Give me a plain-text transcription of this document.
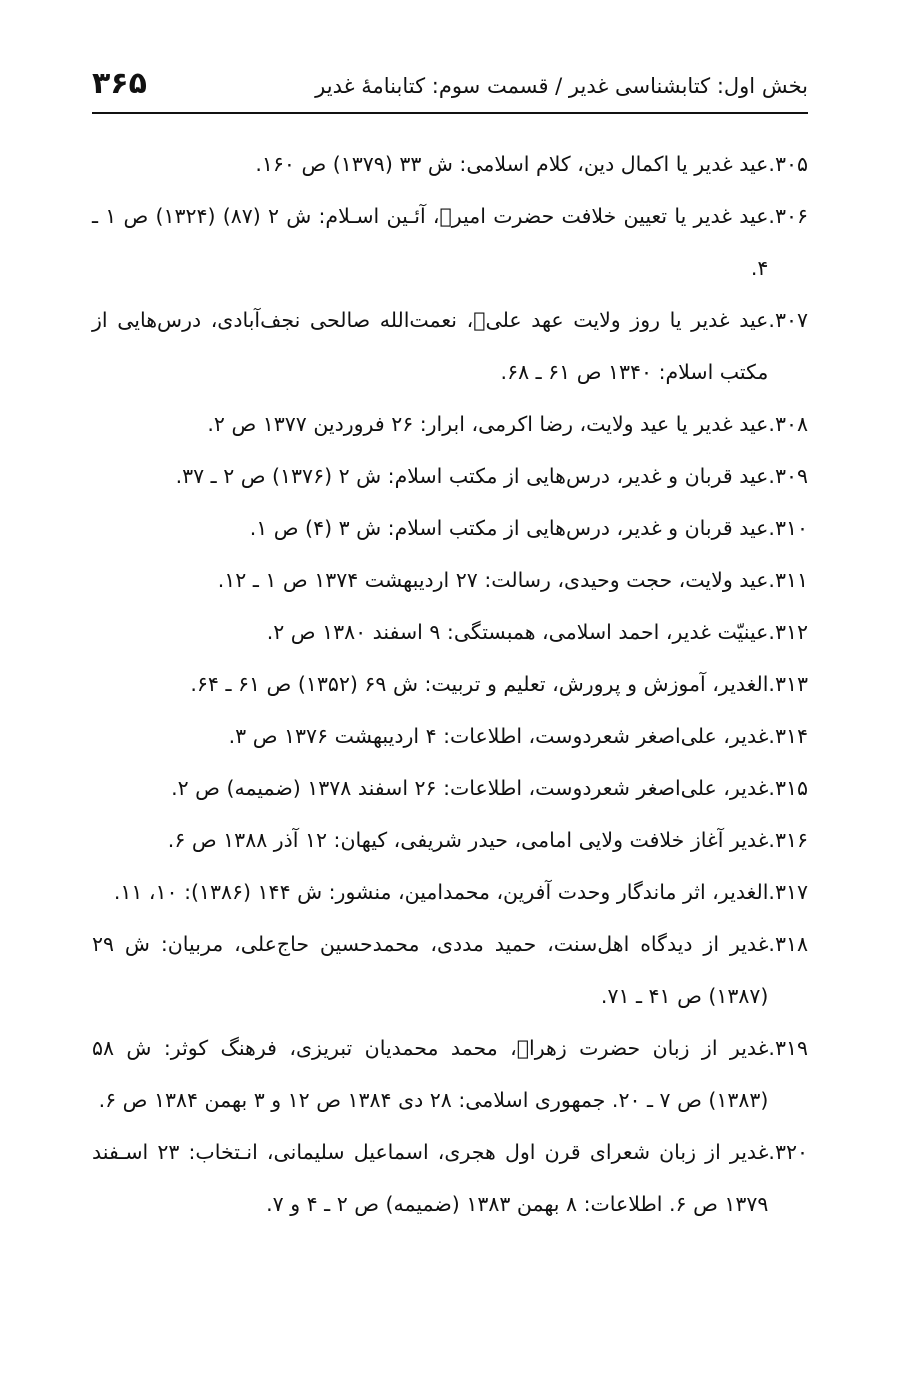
بخش اول: کتابشناسی غدیر / قسمت سوم: کتابنامهٔ غدیر
۳۶۵
۳۰۵.
عید غدیر یا اکمال دین، کلام اسلامی: ش ۳۳ (۱۳۷۹) ص ۱۶۰.
۳۰۶.
عید غدیر یا تعیین خلافت حضرت امیرؑ، آئـین اسـلام: ش ۲ (۸۷) (۱۳۲۴) ص ۱ ـ ۴.
۳۰۷.
عید غدیر یا روز ولایت عهد علیؑ، نعمت‌الله صالحی نجف‌آبادی، درس‌هایی از مکتب اسلام: ۱۳۴۰ ص ۶۱ ـ ۶۸.
۳۰۸.
عید غدیر یا عید ولایت، رضا اکرمی، ابرار: ۲۶ فروردین ۱۳۷۷ ص ۲.
۳۰۹.
عید قربان و غدیر، درس‌هایی از مکتب اسلام: ش ۲ (۱۳۷۶) ص ۲ ـ ۳۷.
۳۱۰.
عید قربان و غدیر، درس‌هایی از مکتب اسلام: ش ۳ (۴) ص ۱.
۳۱۱.
عید ولایت، حجت وحیدی، رسالت: ۲۷ اردیبهشت ۱۳۷۴ ص ۱ ـ ۱۲.
۳۱۲.
عینیّت غدیر، احمد اسلامی، همبستگی: ۹ اسفند ۱۳۸۰ ص ۲.
۳۱۳.
الغدیر، آموزش و پرورش، تعلیم و تربیت: ش ۶۹ (۱۳۵۲) ص ۶۱ ـ ۶۴.
۳۱۴.
غدیر، علی‌اصغر شعردوست، اطلاعات: ۴ اردیبهشت ۱۳۷۶ ص ۳.
۳۱۵.
غدیر، علی‌اصغر شعردوست، اطلاعات: ۲۶ اسفند ۱۳۷۸ (ضمیمه) ص ۲.
۳۱۶.
غدیر آغاز خلافت ولایی امامی، حیدر شریفی، کیهان: ۱۲ آذر ۱۳۸۸ ص ۶.
۳۱۷.
الغدیر، اثر ماندگار وحدت آفرین، محمدامین، منشور: ش ۱۴۴ (۱۳۸۶): ۱۰، ۱۱.
۳۱۸.
غدیر از دیدگاه اهل‌سنت، حمید مددی، محمدحسین حاج‌علی، مربیان: ش ۲۹ (۱۳۸۷) ص ۴۱ ـ ۷۱.
۳۱۹.
غدیر از زبان حضرت زهراؑ، محمد محمدیان تبریزی، فرهنگ کوثر: ش ۵۸ (۱۳۸۳) ص ۷ ـ ۲۰. جمهوری اسلامی: ۲۸ دی ۱۳۸۴ ص ۱۲ و ۳ بهمن ۱۳۸۴ ص ۶.
۳۲۰.
غدیر از زبان شعرای قرن اول هجری، اسماعیل سلیمانی، انـتخاب: ۲۳ اسـفند ۱۳۷۹ ص ۶. اطلاعات: ۸ بهمن ۱۳۸۳ (ضمیمه) ص ۲ ـ ۴ و ۷.
